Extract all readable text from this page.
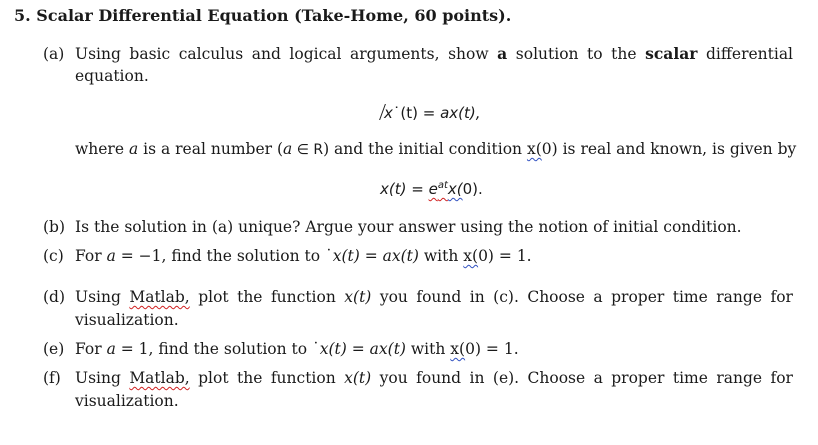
5. Scalar Differential Equation (Take-Home, 60 points).
(a) Using basic calculus and logical arguments, show a solution to the scalar differential
equation.
x˙(t) = ax(t),
where a is a real number (a ∈ R) and the initial condition x(0) is real and known, is given by
$x(t) = e^{at}x(0)$.
(b) Is the solution in (a) unique? Argue your answer using the notion of initial condition.
(c) For a = −1, find the solution to ˙x(t) = ax(t) with x(0) = 1.
(d) Using Matlab, plot the function x(t) you found in (c). Choose a proper time range for
visualization.
(e) For a = 1, find the solution to ˙x(t) = ax(t) with x(0) = 1.
(f) Using Matlab, plot the function x(t) you found in (e). Choose a proper time range for
visualization.
